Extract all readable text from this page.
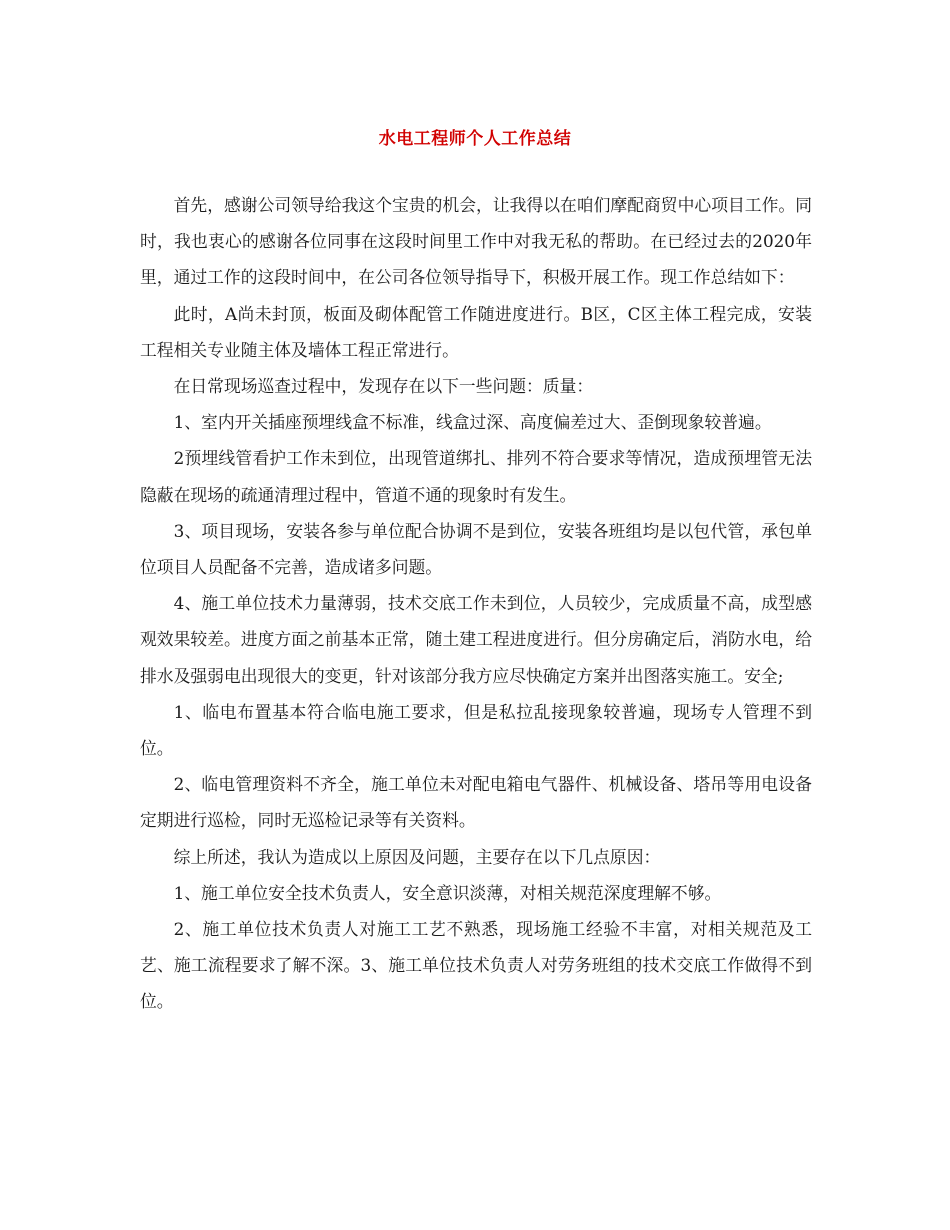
水电工程师个人工作总结

首先，感谢公司领导给我这个宝贵的机会，让我得以在咱们摩配商贸中心项目工作。同时，我也衷心的感谢各位同事在这段时间里工作中对我无私的帮助。在已经过去的2020年里，通过工作的这段时间中，在公司各位领导指导下，积极开展工作。现工作总结如下：

此时，A尚未封顶，板面及砌体配管工作随进度进行。B区，C区主体工程完成，安装工程相关专业随主体及墙体工程正常进行。

在日常现场巡查过程中，发现存在以下一些问题：质量：

1、室内开关插座预埋线盒不标准，线盒过深、高度偏差过大、歪倒现象较普遍。

2预埋线管看护工作未到位，出现管道绑扎、排列不符合要求等情况，造成预埋管无法隐蔽在现场的疏通清理过程中，管道不通的现象时有发生。

3、项目现场，安装各参与单位配合协调不是到位，安装各班组均是以包代管，承包单位项目人员配备不完善，造成诸多问题。

4、施工单位技术力量薄弱，技术交底工作未到位，人员较少，完成质量不高，成型感观效果较差。进度方面之前基本正常，随土建工程进度进行。但分房确定后，消防水电，给排水及强弱电出现很大的变更，针对该部分我方应尽快确定方案并出图落实施工。安全;

1、临电布置基本符合临电施工要求，但是私拉乱接现象较普遍，现场专人管理不到位。

2、临电管理资料不齐全，施工单位未对配电箱电气器件、机械设备、塔吊等用电设备定期进行巡检，同时无巡检记录等有关资料。

综上所述，我认为造成以上原因及问题，主要存在以下几点原因：

1、施工单位安全技术负责人，安全意识淡薄，对相关规范深度理解不够。

2、施工单位技术负责人对施工工艺不熟悉，现场施工经验不丰富，对相关规范及工艺、施工流程要求了解不深。3、施工单位技术负责人对劳务班组的技术交底工作做得不到位。
